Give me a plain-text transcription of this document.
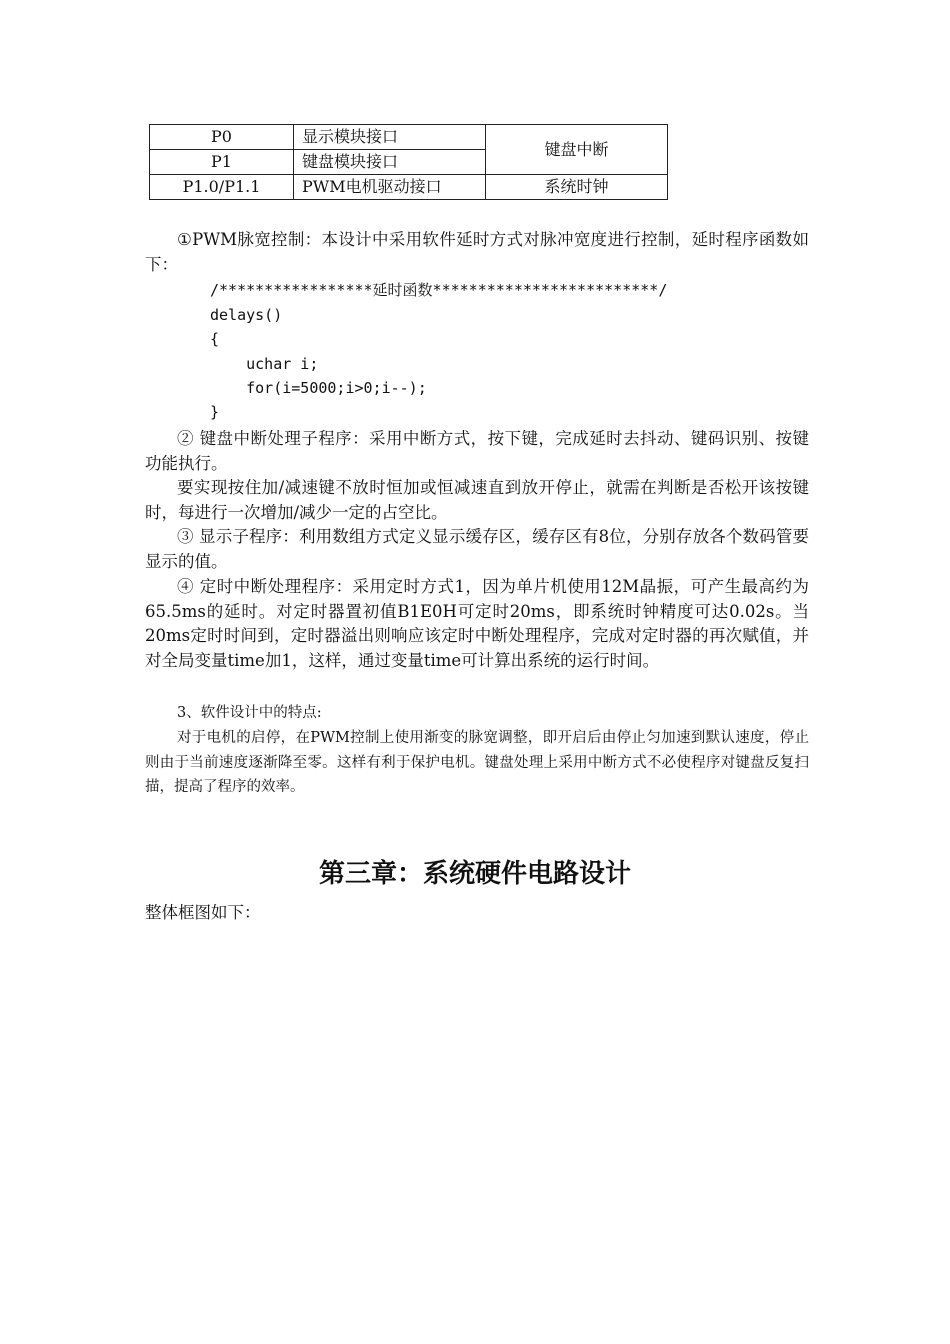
P0	显示模块接口	键盘中断
P1	键盘模块接口	
P1.0/P1.1	PWM电机驱动接口	系统时钟

①PWM脉宽控制：本设计中采用软件延时方式对脉冲宽度进行控制，延时程序函数如下：

/*****************延时函数*************************/

delays()

{

uchar i;

for(i=5000;i>0;i--);

}

② 键盘中断处理子程序：采用中断方式，按下键，完成延时去抖动、键码识别、按键功能执行。

要实现按住加/减速键不放时恒加或恒减速直到放开停止，就需在判断是否松开该按键时，每进行一次增加/减少一定的占空比。

③ 显示子程序：利用数组方式定义显示缓存区，缓存区有8位，分别存放各个数码管要显示的值。

④ 定时中断处理程序：采用定时方式1，因为单片机使用12M晶振，可产生最高约为65.5ms的延时。对定时器置初值B1E0H可定时20ms，即系统时钟精度可达0.02s。当20ms定时时间到，定时器溢出则响应该定时中断处理程序，完成对定时器的再次赋值，并对全局变量time加1，这样，通过变量time可计算出系统的运行时间。

3、软件设计中的特点:

对于电机的启停，在PWM控制上使用渐变的脉宽调整，即开启后由停止匀加速到默认速度，停止则由于当前速度逐渐降至零。这样有利于保护电机。键盘处理上采用中断方式不必使程序对键盘反复扫描，提高了程序的效率。

第三章：系统硬件电路设计

整体框图如下：
